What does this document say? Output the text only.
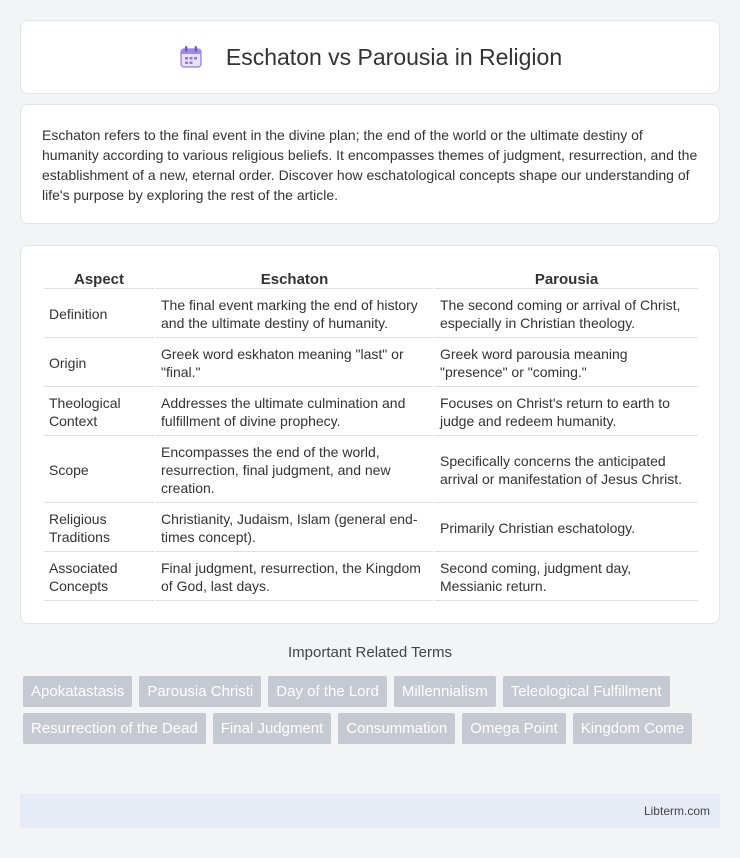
Eschaton vs Parousia in Religion

Eschaton refers to the final event in the divine plan; the end of the world or the ultimate destiny of humanity according to various religious beliefs. It encompasses themes of judgment, resurrection, and the establishment of a new, eternal order. Discover how eschatological concepts shape our understanding of life's purpose by exploring the rest of the article.

Aspect	Eschaton	Parousia
Definition	The final event marking the end of history and the ultimate destiny of humanity.	The second coming or arrival of Christ, especially in Christian theology.
Origin	Greek word eskhaton meaning "last" or "final."	Greek word parousia meaning "presence" or "coming."
Theological Context	Addresses the ultimate culmination and fulfillment of divine prophecy.	Focuses on Christ's return to earth to judge and redeem humanity.
Scope	Encompasses the end of the world, resurrection, final judgment, and new creation.	Specifically concerns the anticipated arrival or manifestation of Jesus Christ.
Religious Traditions	Christianity, Judaism, Islam (general end-times concept).	Primarily Christian eschatology.
Associated Concepts	Final judgment, resurrection, the Kingdom of God, last days.	Second coming, judgment day, Messianic return.
Important Related Terms
Apokatastasis	Parousia Christi	Day of the Lord	Millennialism	Teleological Fulfillment
Resurrection of the Dead	Final Judgment	Consummation	Omega Point	Kingdom Come
Libterm.com
